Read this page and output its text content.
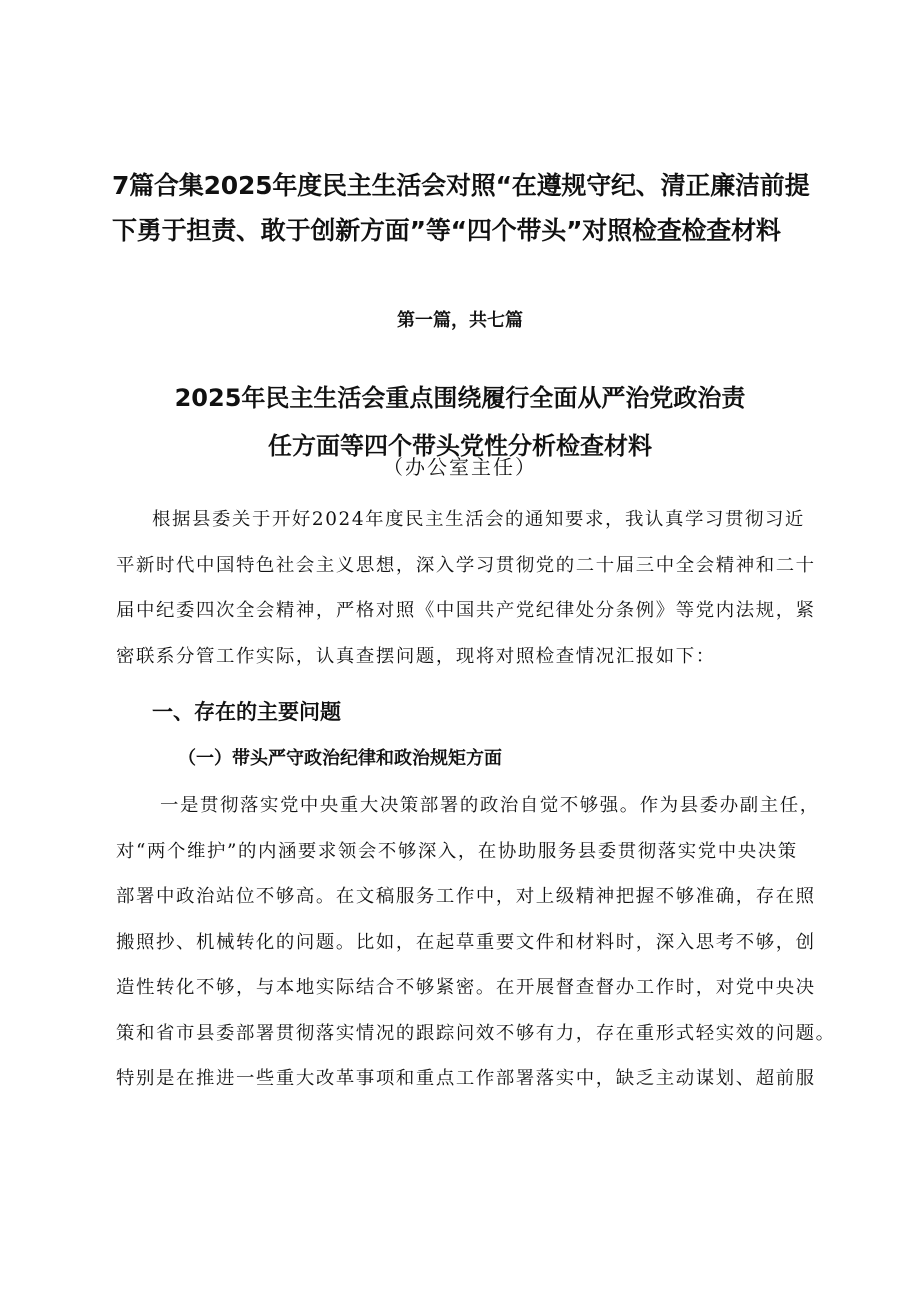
7篇合集2025年度民主生活会对照“在遵规守纪、清正廉洁前提
下勇于担责、敢于创新方面”等“四个带头”对照检查检查材料
第一篇，共七篇
2025年民主生活会重点围绕履行全面从严治党政治责
任方面等四个带头党性分析检查材料
（办公室主任）

根据县委关于开好2024年度民主生活会的通知要求，我认真学习贯彻习近
平新时代中国特色社会主义思想，深入学习贯彻党的二十届三中全会精神和二十
届中纪委四次全会精神，严格对照《中国共产党纪律处分条例》等党内法规，紧
密联系分管工作实际，认真查摆问题，现将对照检查情况汇报如下：

一、存在的主要问题
（一）带头严守政治纪律和政治规矩方面

一是贯彻落实党中央重大决策部署的政治自觉不够强。作为县委办副主任，
对“两个维护”的内涵要求领会不够深入，在协助服务县委贯彻落实党中央决策
部署中政治站位不够高。在文稿服务工作中，对上级精神把握不够准确，存在照
搬照抄、机械转化的问题。比如，在起草重要文件和材料时，深入思考不够，创
造性转化不够，与本地实际结合不够紧密。在开展督查督办工作时，对党中央决
策和省市县委部署贯彻落实情况的跟踪问效不够有力，存在重形式轻实效的问题。
特别是在推进一些重大改革事项和重点工作部署落实中，缺乏主动谋划、超前服
